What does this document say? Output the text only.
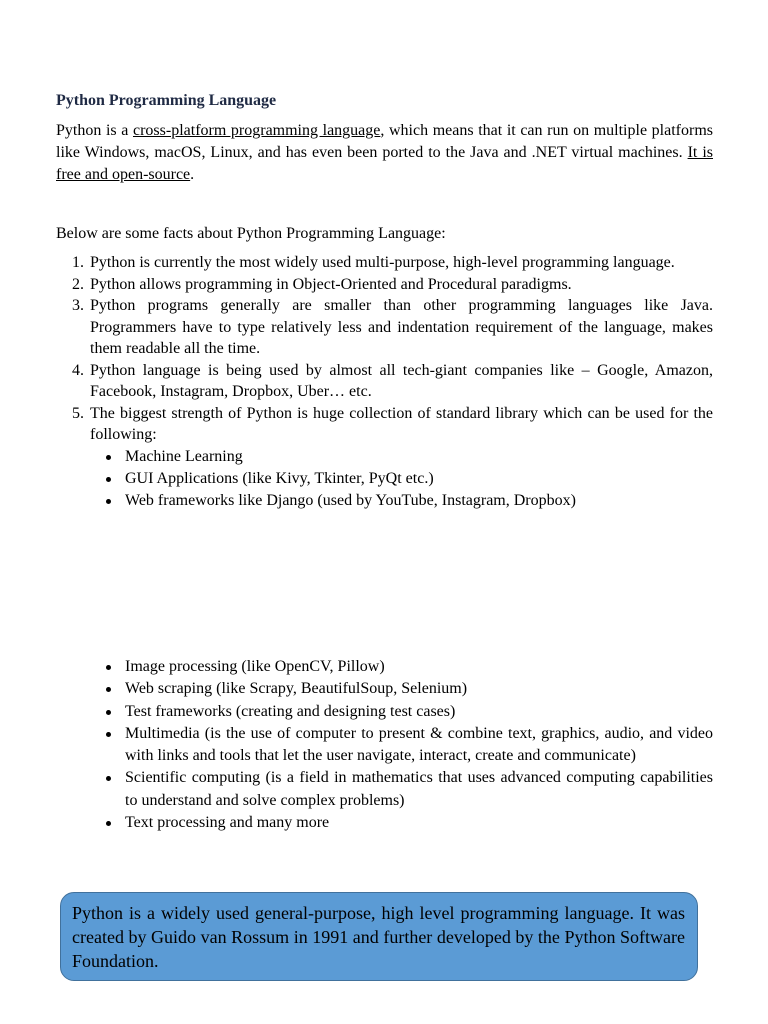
Python Programming Language

Python is a cross-platform programming language, which means that it can run on multiple platforms like Windows, macOS, Linux, and has even been ported to the Java and .NET virtual machines. It is free and open-source.

Below are some facts about Python Programming Language:

1. Python is currently the most widely used multi-purpose, high-level programming language.
2. Python allows programming in Object-Oriented and Procedural paradigms.
3. Python programs generally are smaller than other programming languages like Java. Programmers have to type relatively less and indentation requirement of the language, makes them readable all the time.
4. Python language is being used by almost all tech-giant companies like – Google, Amazon, Facebook, Instagram, Dropbox, Uber… etc.
5. The biggest strength of Python is huge collection of standard library which can be used for the following:
Machine Learning
GUI Applications (like Kivy, Tkinter, PyQt etc.)
Web frameworks like Django (used by YouTube, Instagram, Dropbox)
Image processing (like OpenCV, Pillow)
Web scraping (like Scrapy, BeautifulSoup, Selenium)
Test frameworks (creating and designing test cases)
Multimedia (is the use of computer to present & combine text, graphics, audio, and video with links and tools that let the user navigate, interact, create and communicate)
Scientific computing (is a field in mathematics that uses advanced computing capabilities to understand and solve complex problems)
Text processing and many more
Python is a widely used general-purpose, high level programming language. It was created by Guido van Rossum in 1991 and further developed by the Python Software Foundation.
